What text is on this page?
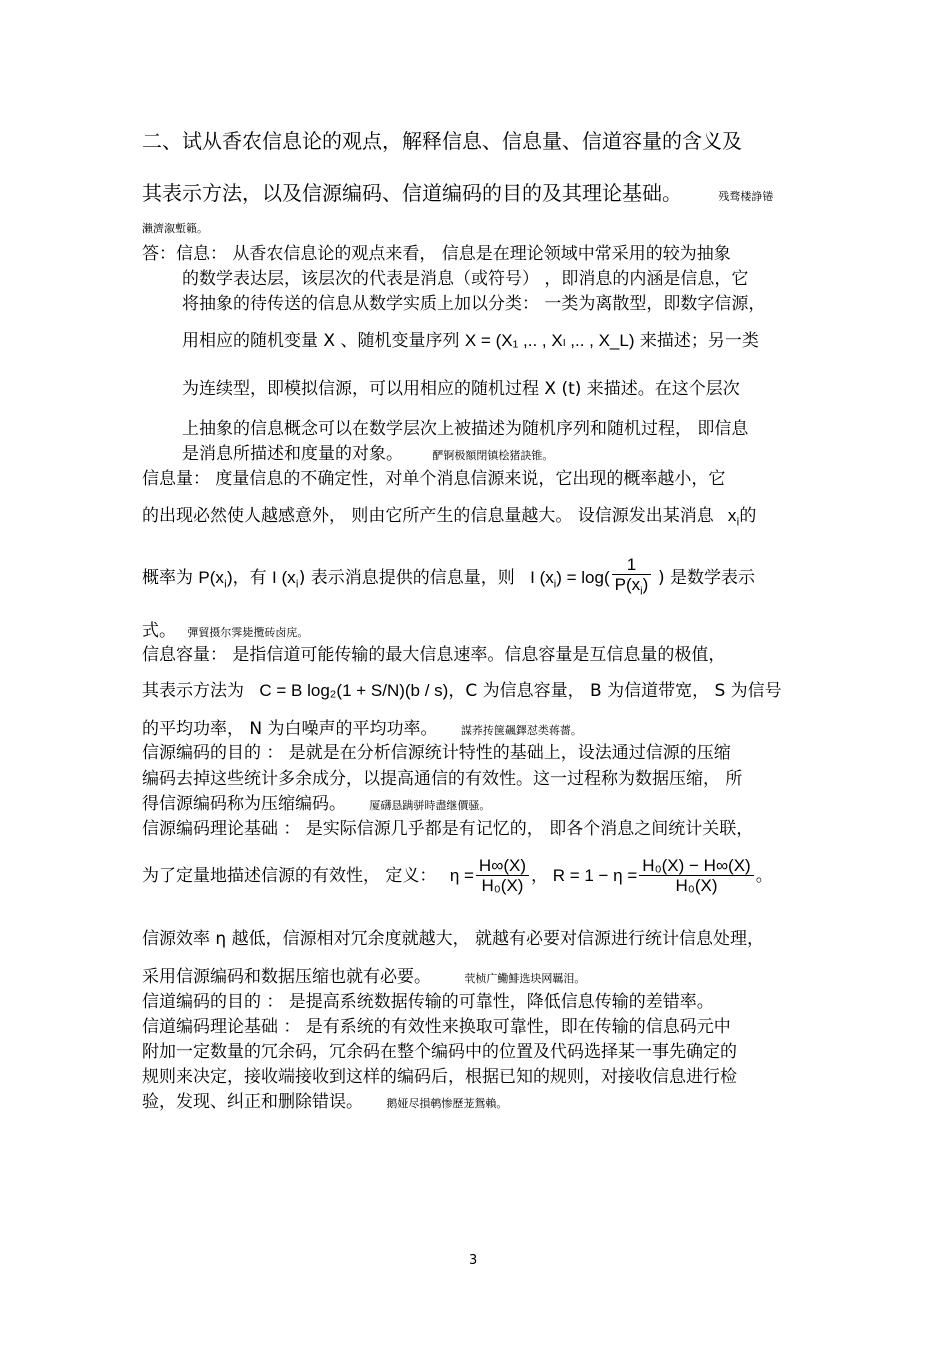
二、试从香农信息论的观点，解释信息、信息量、信道容量的含义及
其表示方法，以及信源编码、信道编码的目的及其理论基础。	残骛楼諍锩
瀨濟溆塹籟。
答：信息： 从香农信息论的观点来看， 信息是在理论领域中常采用的较为抽象
的数学表达层，该层次的代表是消息（或符号） ，即消息的内涵是信息，它
将抽象的待传送的信息从数学实质上加以分类： 一类为离散型，即数字信源，
用相应的随机变量 X 、随机变量序列 X = (X₁ ,.. , Xₗ ,.. , X_L) 来描述；另一类
为连续型，即模拟信源，可以用相应的随机过程 X (t) 来描述。在这个层次
上抽象的信息概念可以在数学层次上被描述为随机序列和随机过程， 即信息
是消息所描述和度量的对象。	酽锕极額閉镇桧猪訣锥。
信息量： 度量信息的不确定性，对单个消息信源来说，它出现的概率越小，它
的出现必然使人越感意外， 则由它所产生的信息量越大。 设信源发出某消息 $x_i$的
概率为 $P(x_i)$，有 I $(x_i)$ 表示消息提供的信息量，则 I $(x_i) = \log( \frac{1}{P(x_i)}$ ) 是数学表示
式。 彈貿摄尔霁毙攬砖卤庑。
信息容量： 是指信道可能传输的最大信息速率。信息容量是互信息量的极值，
其表示方法为 C = B log₂(1 + S/N)(b / s)，C 为信息容量， B 为信道带宽， S 为信号
的平均功率， N 为白噪声的平均功率。 謀荞抟箧飆鐸怼类蒋薔。
信源编码的目的 ： 是就是在分析信源统计特性的基础上，设法通过信源的压缩
编码去掉这些统计多余成分，以提高通信的有效性。这一过程称为数据压缩， 所
得信源编码称为压缩编码。 厦礴恳蹒骈時盡继價骚。
信源编码理论基础 ： 是实际信源几乎都是有记忆的， 即各个消息之间统计关联，
为了定量地描述信源的有效性， 定义： $\eta = \frac{H\infty(X)}{\text{H₀(X)}}$ ， $R = 1 - \eta = \frac{\text{H₀(X) − H∞(X)}}{\text{H₀(X)}}$ 。
信源效率 η 越低，信源相对冗余度就越大， 就越有必要对信源进行统计信息处理，
采用信源编码和数据压缩也就有必要。	茕桢广鰳鯡选块网羈泪。
信道编码的目的 ： 是提高系统数据传输的可靠性，降低信息传输的差错率。
信道编码理论基础 ： 是有系统的有效性来换取可靠性，即在传输的信息码元中
附加一定数量的冗余码，冗余码在整个编码中的位置及代码选择某一事先确定的
规则来决定，接收端接收到这样的编码后，根据已知的规则，对接收信息进行检
验，发现、纠正和删除错误。 鹅娅尽損鹌惨歷茏鴛賴。
3
